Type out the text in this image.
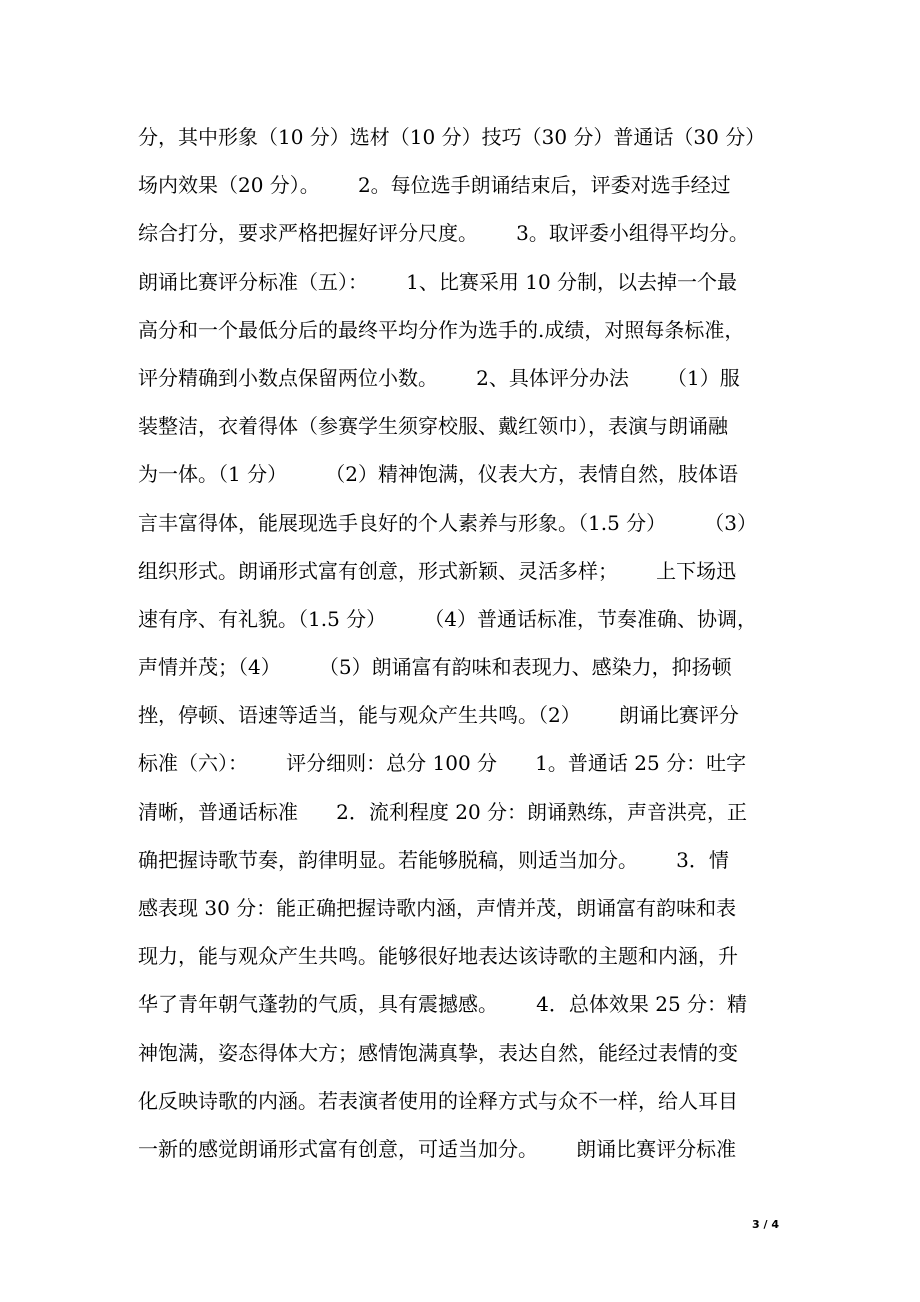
分，其中形象（10 分）选材（10 分）技巧（30 分）普通话（30 分）
场内效果（20 分）。      2。每位选手朗诵结束后，评委对选手经过
综合打分，要求严格把握好评分尺度。      3。取评委小组得平均分。
朗诵比赛评分标准（五）：      1、比赛采用 10 分制，以去掉一个最
高分和一个最低分后的最终平均分作为选手的.成绩，对照每条标准，
评分精确到小数点保留两位小数。      2、具体评分办法      （1）服
装整洁，衣着得体（参赛学生须穿校服、戴红领巾），表演与朗诵融
为一体。（1 分）      （2）精神饱满，仪表大方，表情自然，肢体语
言丰富得体，能展现选手良好的个人素养与形象。（1.5 分）      （3）
组织形式。朗诵形式富有创意，形式新颖、灵活多样；      上下场迅
速有序、有礼貌。（1.5 分）      （4）普通话标准，节奏准确、协调，
声情并茂；（4）      （5）朗诵富有韵味和表现力、感染力，抑扬顿
挫，停顿、语速等适当，能与观众产生共鸣。（2）      朗诵比赛评分
标准（六）：      评分细则：总分 100 分      1。普通话 25 分：吐字
清晰，普通话标准      2．流利程度 20 分：朗诵熟练，声音洪亮，正
确把握诗歌节奏，韵律明显。若能够脱稿，则适当加分。      3．情
感表现 30 分：能正确把握诗歌内涵，声情并茂，朗诵富有韵味和表
现力，能与观众产生共鸣。能够很好地表达该诗歌的主题和内涵，升
华了青年朝气蓬勃的气质，具有震撼感。      4．总体效果 25 分：精
神饱满，姿态得体大方；感情饱满真挚，表达自然，能经过表情的变
化反映诗歌的内涵。若表演者使用的诠释方式与众不一样，给人耳目
一新的感觉朗诵形式富有创意，可适当加分。      朗诵比赛评分标准
3 / 4
